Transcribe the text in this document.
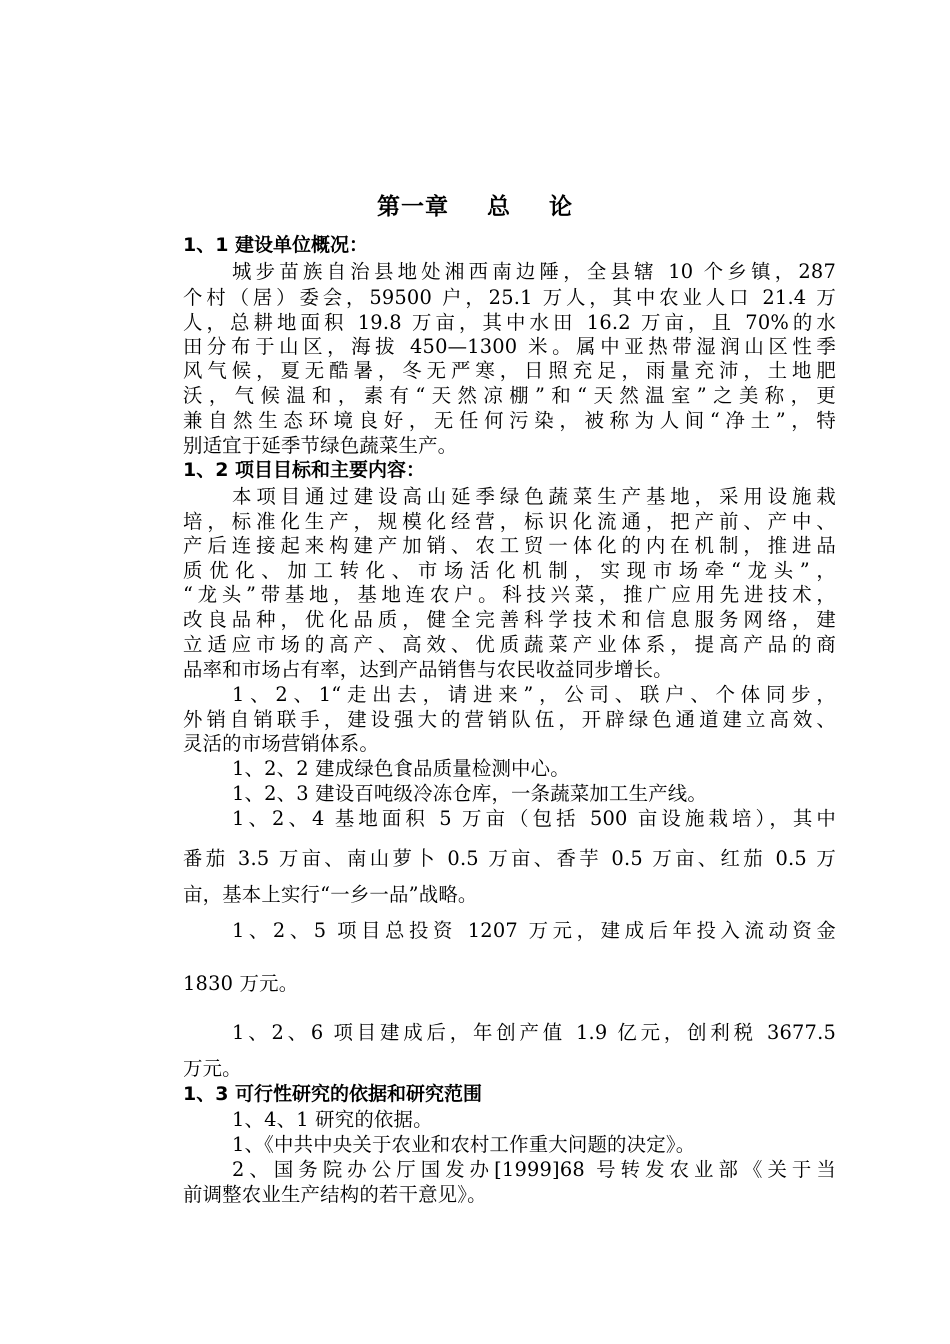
第一章 总 论
1、1 建设单位概况：
城步苗族自治县地处湘西南边陲，全县辖 10 个乡镇，287
个村（居）委会，59500 户，25.1 万人，其中农业人口 21.4 万
人，总耕地面积 19.8 万亩，其中水田 16.2 万亩，且 70%的水
田分布于山区，海拔 450—1300 米。属中亚热带湿润山区性季
风气候，夏无酷暑，冬无严寒，日照充足，雨量充沛，土地肥
沃，气候温和，素有“天然凉棚”和“天然温室”之美称，更
兼自然生态环境良好，无任何污染，被称为人间“净土”，特
别适宜于延季节绿色蔬菜生产。
1、2 项目目标和主要内容：
本项目通过建设高山延季绿色蔬菜生产基地，采用设施栽
培，标准化生产，规模化经营，标识化流通，把产前、产中、
产后连接起来构建产加销、农工贸一体化的内在机制，推进品
质优化、加工转化、市场活化机制，实现市场牵“龙头”，
“龙头”带基地，基地连农户。科技兴菜，推广应用先进技术，
改良品种，优化品质，健全完善科学技术和信息服务网络，建
立适应市场的高产、高效、优质蔬菜产业体系，提高产品的商
品率和市场占有率，达到产品销售与农民收益同步增长。
1、2、1“走出去，请进来”，公司、联户、个体同步，
外销自销联手，建设强大的营销队伍，开辟绿色通道建立高效、
灵活的市场营销体系。
1、2、2 建成绿色食品质量检测中心。
1、2、3 建设百吨级冷冻仓库，一条蔬菜加工生产线。
1、2、4 基地面积 5 万亩（包括 500 亩设施栽培），其中
番茄 3.5 万亩、南山萝卜 0.5 万亩、香芋 0.5 万亩、红茄 0.5 万
亩，基本上实行“一乡一品”战略。
1、2、5 项目总投资 1207 万元，建成后年投入流动资金
1830 万元。
1、2、6 项目建成后，年创产值 1.9 亿元，创利税 3677.5
万元。
1、3 可行性研究的依据和研究范围
1、4、1 研究的依据。
1、《中共中央关于农业和农村工作重大问题的决定》。
2、国务院办公厅国发办[1999]68 号转发农业部《关于当
前调整农业生产结构的若干意见》。
